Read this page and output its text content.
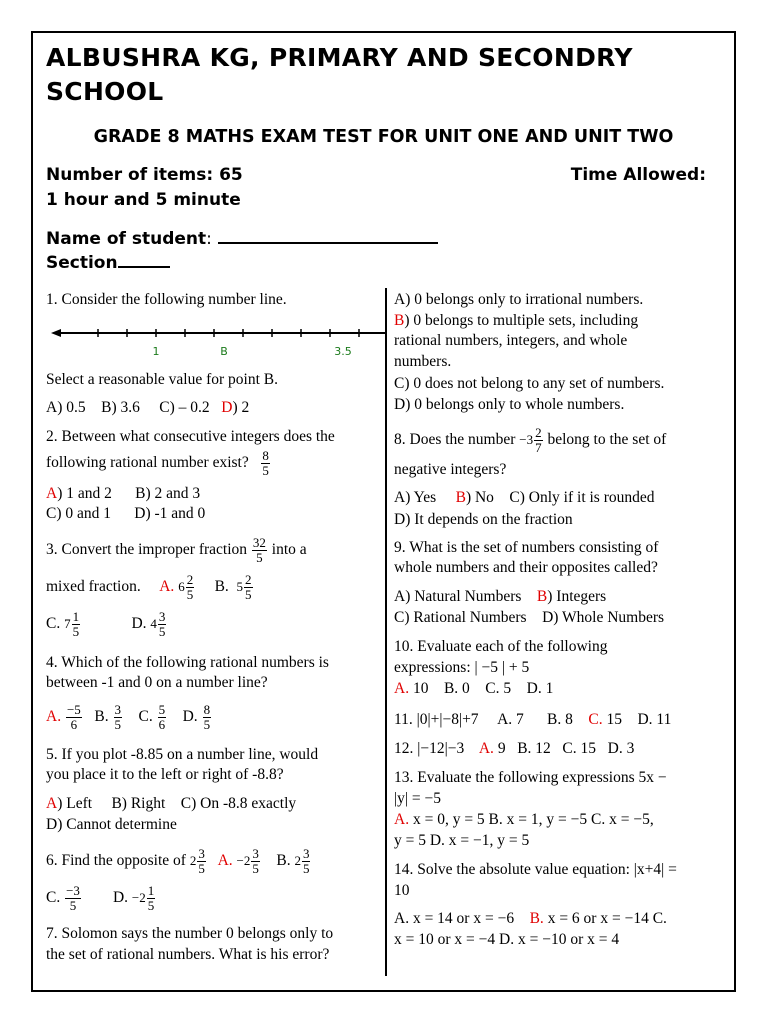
ALBUSHRA KG, PRIMARY AND SECONDRY
SCHOOL
GRADE 8 MATHS EXAM TEST FOR UNIT ONE AND UNIT TWO
Number of items: 65	Time Allowed:
1 hour and 5 minute
Name of student:
Section
1. Consider the following number line.
1	B	3.5
Select a reasonable value for point B.
A) 0.5 B) 3.6 C) – 0.2 D) 2
2. Between what consecutive integers does the
following rational number exist? $\frac{8}{5}$
A) 1 and 2 B) 2 and 3
C) 0 and 1 D) -1 and 0
3. Convert the improper fraction $\frac{32}{5}$ into a
mixed fraction. A. $6 \frac{2}{5} B$. $5 \frac{2}{5}$
C. $7 \frac{1}{5}$	D. $4 \frac{3}{5}$
4. Which of the following rational numbers is
between -1 and 0 on a number line?
A. $\frac{-5}{6} B$. $\frac{3}{5} C$. $\frac{5}{6} D$. $\frac{8}{5}$
5. If you plot -8.85 on a number line, would
you place it to the left or right of -8.8?
A) Left B) Right C) On -8.8 exactly
D) Cannot determine
6. Find the opposite of $2 \frac{3}{5} A$. $-2 \frac{3}{5} B$. $2 \frac{3}{5}$
C. $\frac{-3}{5} D$. $-2 \frac{1}{5}$
7. Solomon says the number 0 belongs only to
the set of rational numbers. What is his error?
A) 0 belongs only to irrational numbers.
B) 0 belongs to multiple sets, including
rational numbers, integers, and whole
numbers.
C) 0 does not belong to any set of numbers.
D) 0 belongs only to whole numbers.
8. Does the number $-3 \frac{2}{7}$ belong to the set of
negative integers?
A) Yes B) No C) Only if it is rounded
D) It depends on the fraction
9. What is the set of numbers consisting of
whole numbers and their opposites called?
A) Natural Numbers B) Integers
C) Rational Numbers D) Whole Numbers
10. Evaluate each of the following
expressions: | −5 | + 5
A. 10 B. 0 C. 5 D. 1
11. |0|+|−8|+7 A. 7 B. 8 C. 15 D. 11
12. |−12|−3 A. 9 B. 12 C. 15 D. 3
13. Evaluate the following expressions 5x −
|y| = −5
A. x = 0, y = 5 B. x = 1, y = −5 C. x = −5,
y = 5 D. x = −1, y = 5
14. Solve the absolute value equation: |x+4| =
10
A. x = 14 or x = −6 B. x = 6 or x = −14 C.
x = 10 or x = −4 D. x = −10 or x = 4
